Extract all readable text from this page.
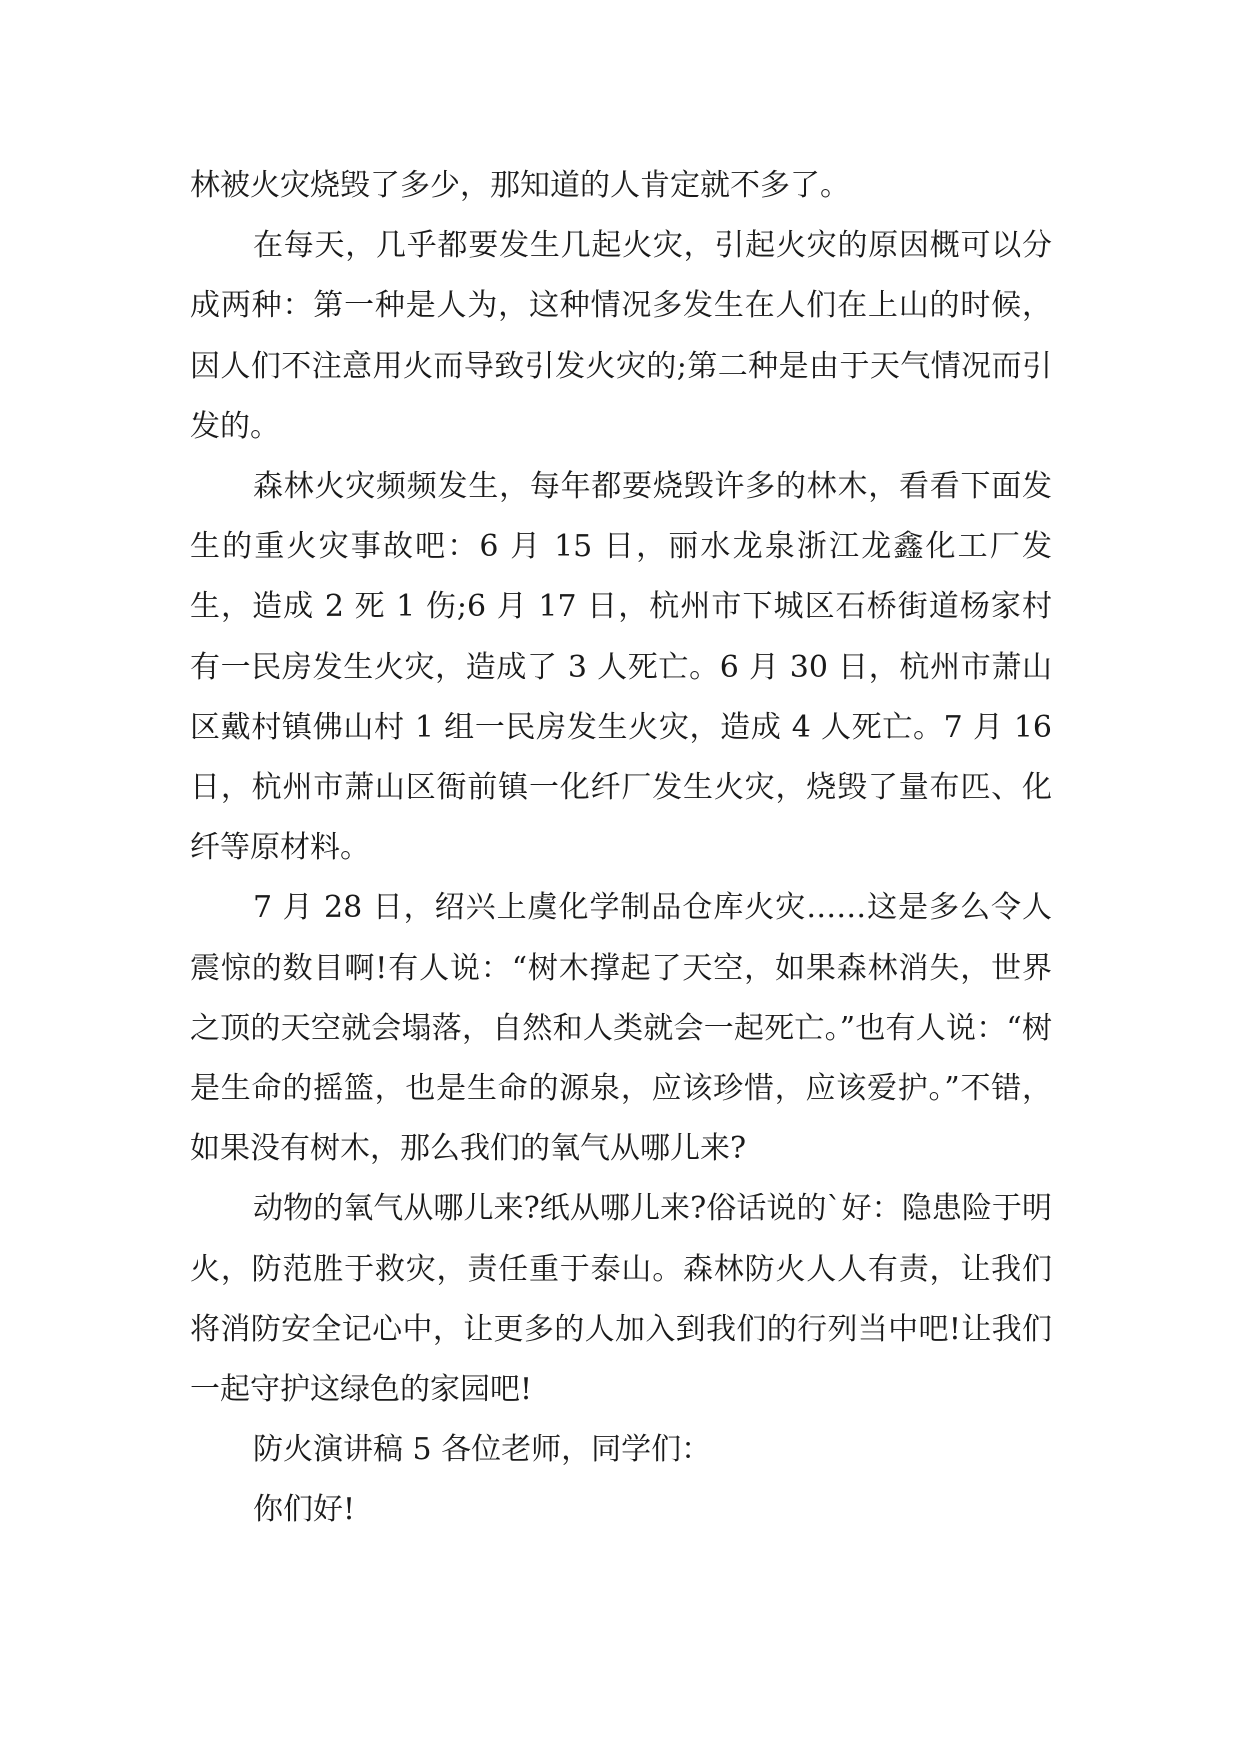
林被火灾烧毁了多少，那知道的人肯定就不多了。

在每天，几乎都要发生几起火灾，引起火灾的原因概可以分成两种：第一种是人为，这种情况多发生在人们在上山的时候，因人们不注意用火而导致引发火灾的;第二种是由于天气情况而引发的。

森林火灾频频发生，每年都要烧毁许多的林木，看看下面发生的重火灾事故吧：6 月 15 日，丽水龙泉浙江龙鑫化工厂发生，造成 2 死 1 伤;6 月 17 日，杭州市下城区石桥街道杨家村有一民房发生火灾，造成了 3 人死亡。6 月 30 日，杭州市萧山区戴村镇佛山村 1 组一民房发生火灾，造成 4 人死亡。7 月 16 日，杭州市萧山区衙前镇一化纤厂发生火灾，烧毁了量布匹、化纤等原材料。

7 月 28 日，绍兴上虞化学制品仓库火灾……这是多么令人震惊的数目啊!有人说：“树木撑起了天空，如果森林消失，世界之顶的天空就会塌落，自然和人类就会一起死亡。”也有人说：“树是生命的摇篮，也是生命的源泉，应该珍惜，应该爱护。”不错，如果没有树木，那么我们的氧气从哪儿来?

动物的氧气从哪儿来?纸从哪儿来?俗话说的`好：隐患险于明火，防范胜于救灾，责任重于泰山。森林防火人人有责，让我们将消防安全记心中，让更多的人加入到我们的行列当中吧!让我们一起守护这绿色的家园吧!

防火演讲稿 5 各位老师，同学们：

你们好!
